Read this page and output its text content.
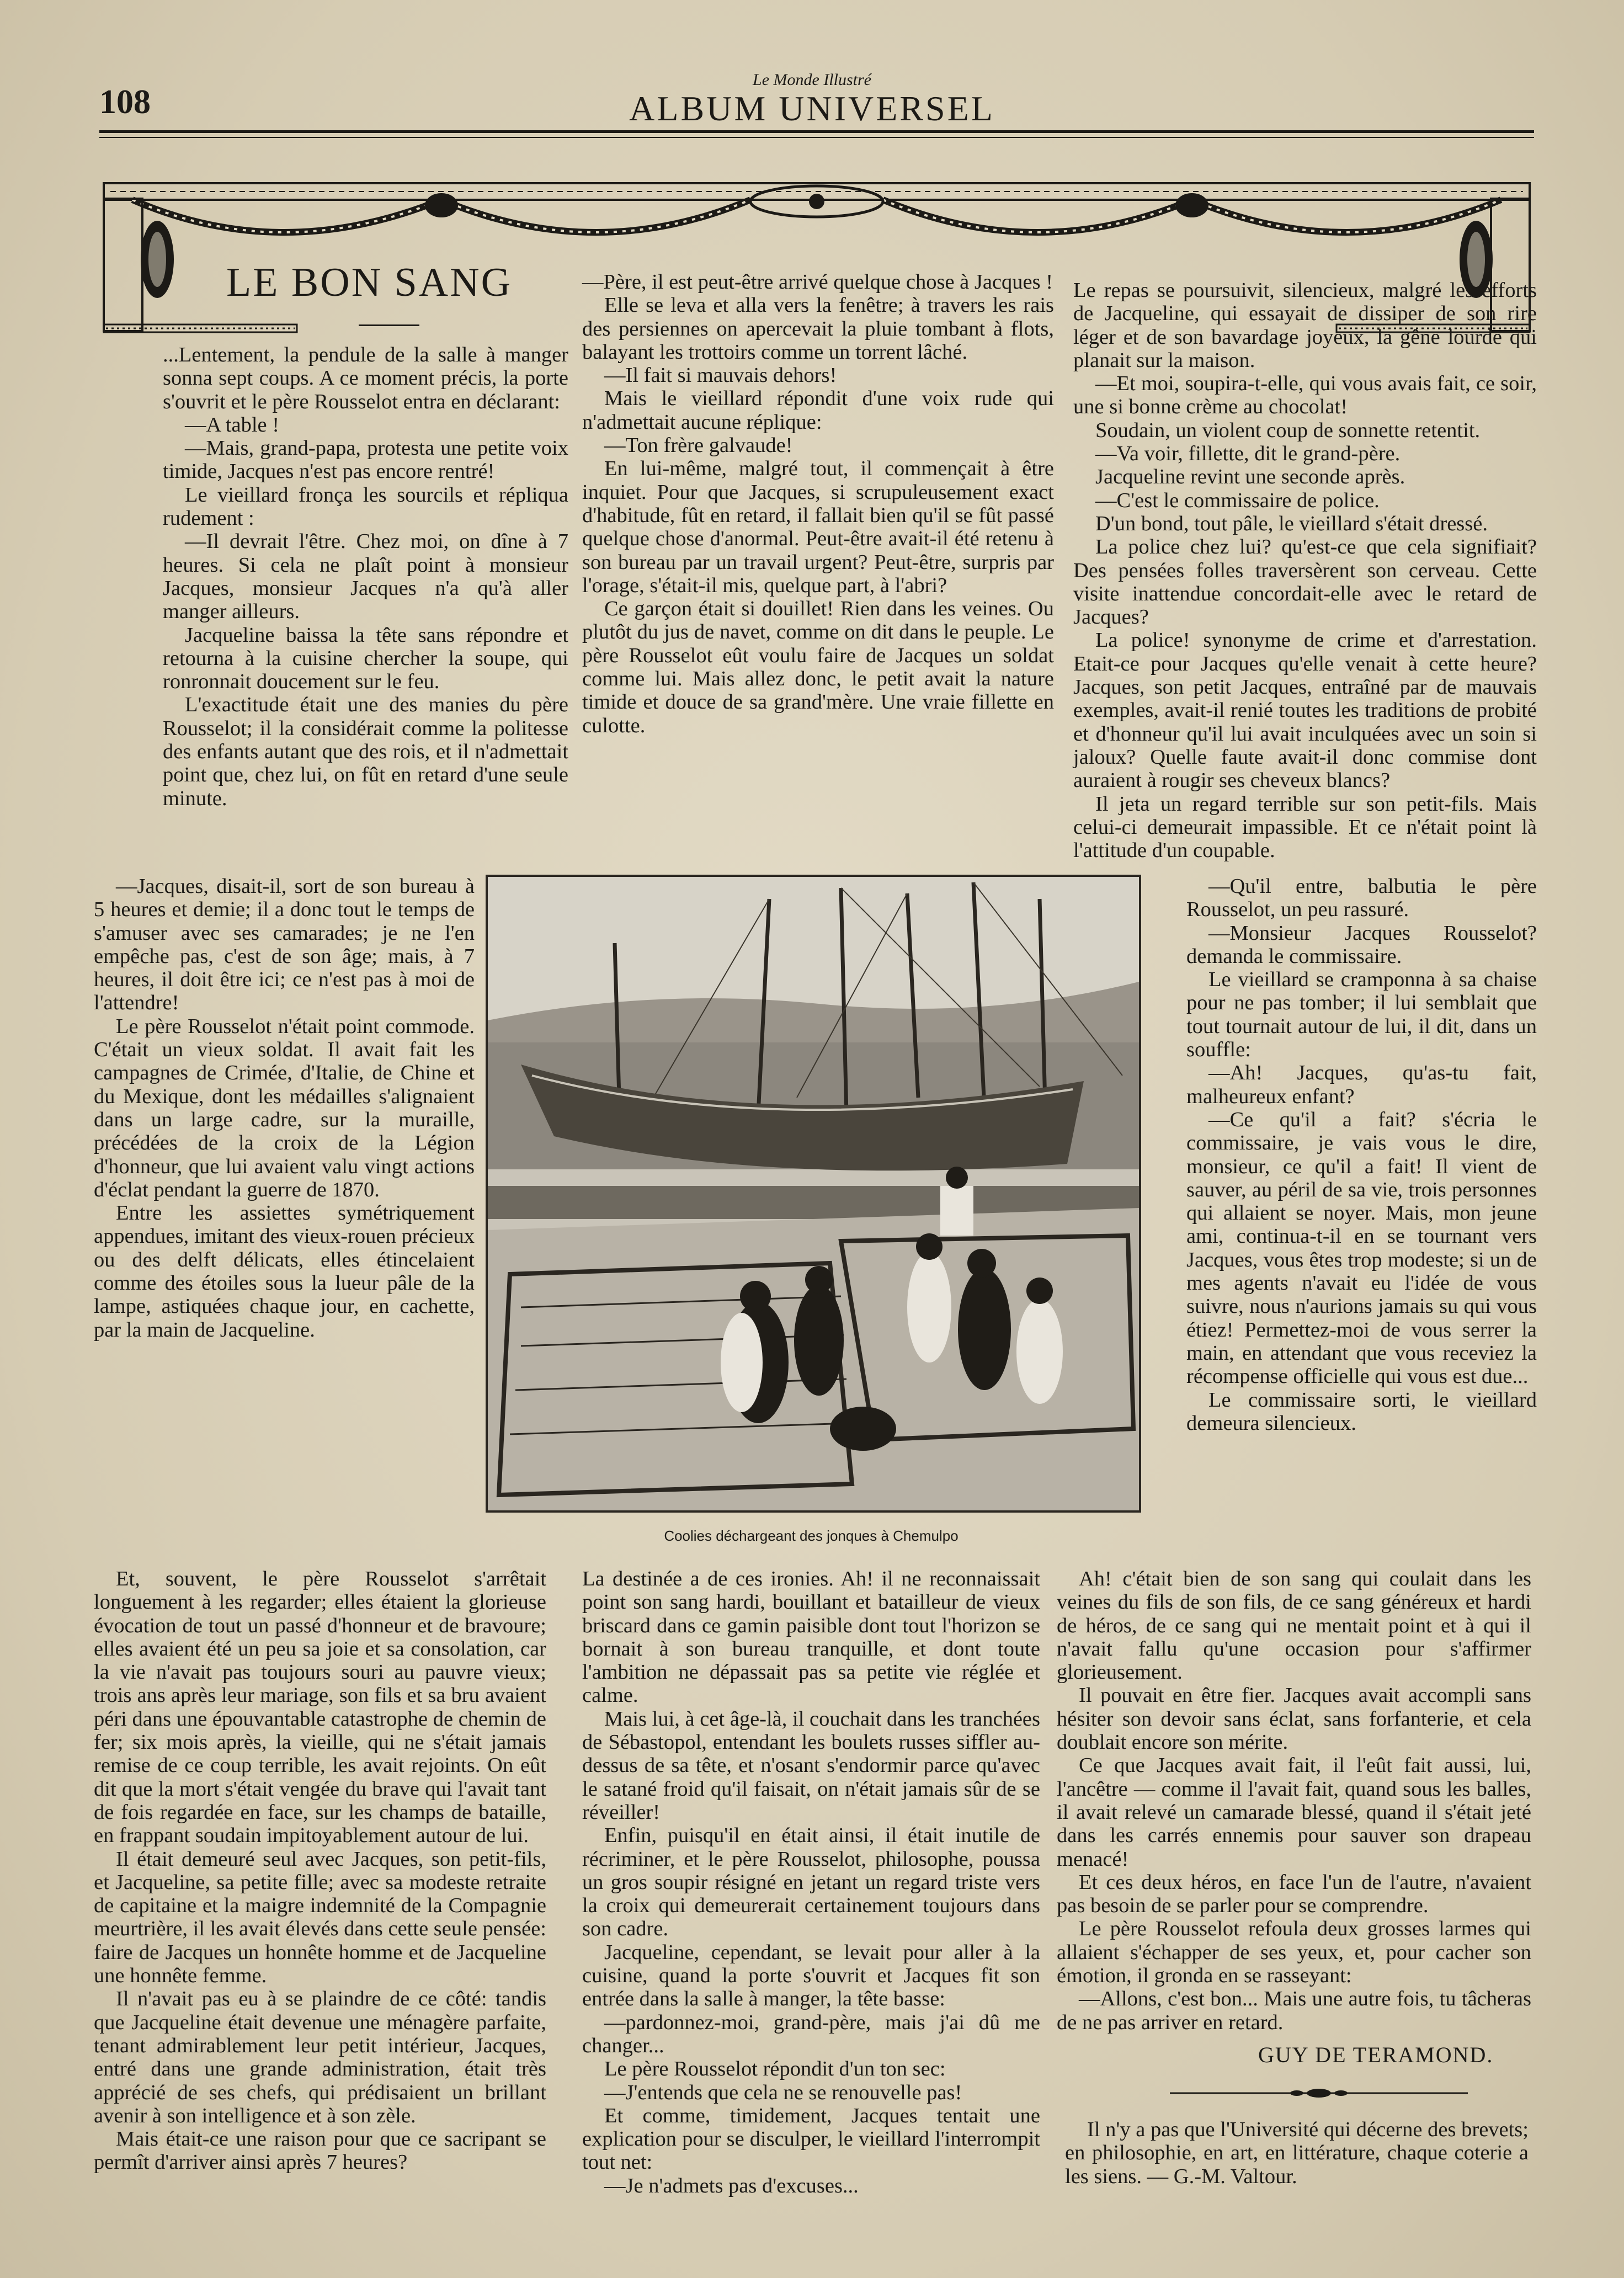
108
Le Monde Illustré
ALBUM UNIVERSEL
LE BON SANG

...Lentement, la pendule de la salle à manger sonna sept coups. A ce moment précis, la porte s'ouvrit et le père Rousselot entra en déclarant:

—A table !

—Mais, grand-papa, protesta une petite voix timide, Jacques n'est pas encore rentré!

Le vieillard fronça les sourcils et répliqua rudement :

—Il devrait l'être. Chez moi, on dîne à 7 heures. Si cela ne plaît point à monsieur Jacques, monsieur Jacques n'a qu'à aller manger ailleurs.

Jacqueline baissa la tête sans répondre et retourna à la cuisine chercher la soupe, qui ronronnait doucement sur le feu.

L'exactitude était une des manies du père Rousselot; il la considérait comme la politesse des enfants autant que des rois, et il n'admettait point que, chez lui, on fût en retard d'une seule minute.

—Jacques, disait-il, sort de son bureau à 5 heures et demie; il a donc tout le temps de s'amuser avec ses camarades; je ne l'en empêche pas, c'est de son âge; mais, à 7 heures, il doit être ici; ce n'est pas à moi de l'attendre!

Le père Rousselot n'était point commode. C'était un vieux soldat. Il avait fait les campagnes de Crimée, d'Italie, de Chine et du Mexique, dont les médailles s'alignaient dans un large cadre, sur la muraille, précédées de la croix de la Légion d'honneur, que lui avaient valu vingt actions d'éclat pendant la guerre de 1870.

Entre les assiettes symétriquement appendues, imitant des vieux-rouen précieux ou des delft délicats, elles étincelaient comme des étoiles sous la lueur pâle de la lampe, astiquées chaque jour, en cachette, par la main de Jacqueline.

Et, souvent, le père Rousselot s'arrêtait longuement à les regarder; elles étaient la glorieuse évocation de tout un passé d'honneur et de bravoure; elles avaient été un peu sa joie et sa consolation, car la vie n'avait pas toujours souri au pauvre vieux; trois ans après leur mariage, son fils et sa bru avaient péri dans une épouvantable catastrophe de chemin de fer; six mois après, la vieille, qui ne s'était jamais remise de ce coup terrible, les avait rejoints. On eût dit que la mort s'était vengée du brave qui l'avait tant de fois regardée en face, sur les champs de bataille, en frappant soudain impitoyablement autour de lui.

Il était demeuré seul avec Jacques, son petit-fils, et Jacqueline, sa petite fille; avec sa modeste retraite de capitaine et la maigre indemnité de la Compagnie meurtrière, il les avait élevés dans cette seule pensée: faire de Jacques un honnête homme et de Jacqueline une honnête femme.

Il n'avait pas eu à se plaindre de ce côté: tandis que Jacqueline était devenue une ménagère parfaite, tenant admirablement leur petit intérieur, Jacques, entré dans une grande administration, était très apprécié de ses chefs, qui prédisaient un brillant avenir à son intelligence et à son zèle.

Mais était-ce une raison pour que ce sacripant se permît d'arriver ainsi après 7 heures?

—Père, il est peut-être arrivé quelque chose à Jacques !

Elle se leva et alla vers la fenêtre; à travers les rais des persiennes on apercevait la pluie tombant à flots, balayant les trottoirs comme un torrent lâché.

—Il fait si mauvais dehors!

Mais le vieillard répondit d'une voix rude qui n'admettait aucune réplique:

—Ton frère galvaude!

En lui-même, malgré tout, il commençait à être inquiet. Pour que Jacques, si scrupuleusement exact d'habitude, fût en retard, il fallait bien qu'il se fût passé quelque chose d'anormal. Peut-être avait-il été retenu à son bureau par un travail urgent? Peut-être, surpris par l'orage, s'était-il mis, quelque part, à l'abri?

Ce garçon était si douillet! Rien dans les veines. Ou plutôt du jus de navet, comme on dit dans le peuple. Le père Rousselot eût voulu faire de Jacques un soldat comme lui. Mais allez donc, le petit avait la nature timide et douce de sa grand'mère. Une vraie fillette en culotte.

La destinée a de ces ironies. Ah! il ne reconnaissait point son sang hardi, bouillant et batailleur de vieux briscard dans ce gamin paisible dont tout l'horizon se bornait à son bureau tranquille, et dont toute l'ambition ne dépassait pas sa petite vie réglée et calme.

Mais lui, à cet âge-là, il couchait dans les tranchées de Sébastopol, entendant les boulets russes siffler au-dessus de sa tête, et n'osant s'endormir parce qu'avec le satané froid qu'il faisait, on n'était jamais sûr de se réveiller!

Enfin, puisqu'il en était ainsi, il était inutile de récriminer, et le père Rousselot, philosophe, poussa un gros soupir résigné en jetant un regard triste vers la croix qui demeurerait certainement toujours dans son cadre.

Jacqueline, cependant, se levait pour aller à la cuisine, quand la porte s'ouvrit et Jacques fit son entrée dans la salle à manger, la tête basse:

—pardonnez-moi, grand-père, mais j'ai dû me changer...

Le père Rousselot répondit d'un ton sec:

—J'entends que cela ne se renouvelle pas!

Et comme, timidement, Jacques tentait une explication pour se disculper, le vieillard l'interrompit tout net:

—Je n'admets pas d'excuses...

Le repas se poursuivit, silencieux, malgré les efforts de Jacqueline, qui essayait de dissiper de son rire léger et de son bavardage joyeux, la gêne lourde qui planait sur la maison.

—Et moi, soupira-t-elle, qui vous avais fait, ce soir, une si bonne crème au chocolat!

Soudain, un violent coup de sonnette retentit.

—Va voir, fillette, dit le grand-père.

Jacqueline revint une seconde après.

—C'est le commissaire de police.

D'un bond, tout pâle, le vieillard s'était dressé.

La police chez lui? qu'est-ce que cela signifiait? Des pensées folles traversèrent son cerveau. Cette visite inattendue concordait-elle avec le retard de Jacques?

La police! synonyme de crime et d'arrestation. Etait-ce pour Jacques qu'elle venait à cette heure? Jacques, son petit Jacques, entraîné par de mauvais exemples, avait-il renié toutes les traditions de probité et d'honneur qu'il lui avait inculquées avec un soin si jaloux? Quelle faute avait-il donc commise dont auraient à rougir ses cheveux blancs?

Il jeta un regard terrible sur son petit-fils. Mais celui-ci demeurait impassible. Et ce n'était point là l'attitude d'un coupable.

—Qu'il entre, balbutia le père Rousselot, un peu rassuré.

—Monsieur Jacques Rousselot? demanda le commissaire.

Le vieillard se cramponna à sa chaise pour ne pas tomber; il lui semblait que tout tournait autour de lui, il dit, dans un souffle:

—Ah! Jacques, qu'as-tu fait, malheureux enfant?

—Ce qu'il a fait? s'écria le commissaire, je vais vous le dire, monsieur, ce qu'il a fait! Il vient de sauver, au péril de sa vie, trois personnes qui allaient se noyer. Mais, mon jeune ami, continua-t-il en se tournant vers Jacques, vous êtes trop modeste; si un de mes agents n'avait eu l'idée de vous suivre, nous n'aurions jamais su qui vous étiez! Permettez-moi de vous serrer la main, en attendant que vous receviez la récompense officielle qui vous est due...

Le commissaire sorti, le vieillard demeura silencieux.

Ah! c'était bien de son sang qui coulait dans les veines du fils de son fils, de ce sang généreux et hardi de héros, de ce sang qui ne mentait point et à qui il n'avait fallu qu'une occasion pour s'affirmer glorieusement.

Il pouvait en être fier. Jacques avait accompli sans hésiter son devoir sans éclat, sans forfanterie, et cela doublait encore son mérite.

Ce que Jacques avait fait, il l'eût fait aussi, lui, l'ancêtre — comme il l'avait fait, quand sous les balles, il avait relevé un camarade blessé, quand il s'était jeté dans les carrés ennemis pour sauver son drapeau menacé!

Et ces deux héros, en face l'un de l'autre, n'avaient pas besoin de se parler pour se comprendre.

Le père Rousselot refoula deux grosses larmes qui allaient s'échapper de ses yeux, et, pour cacher son émotion, il gronda en se rasseyant:

—Allons, c'est bon... Mais une autre fois, tu tâcheras de ne pas arriver en retard.

Coolies déchargeant des jonques à Chemulpo
GUY DE TERAMOND.

Il n'y a pas que l'Université qui décerne des brevets; en philosophie, en art, en littérature, chaque coterie a les siens. — G.-M. Valtour.
